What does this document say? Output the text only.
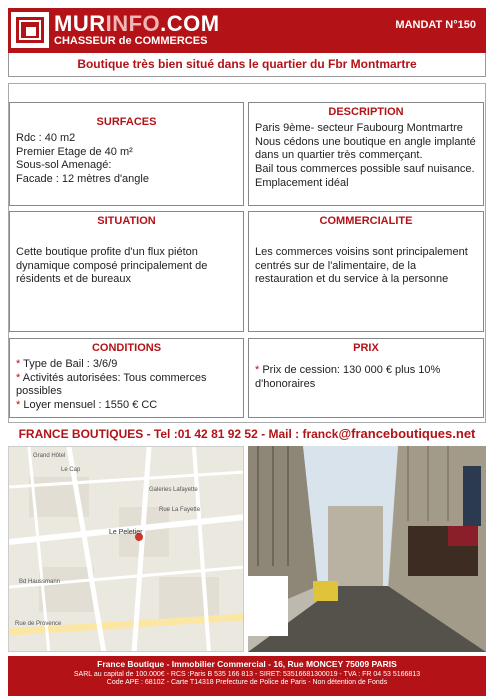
MURINFO.COM
CHASSEUR de COMMERCES
MANDAT N°150
Boutique très bien situé dans le quartier du Fbr Montmartre
SURFACES

Rdc : 40 m2

Premier Etage de 40 m²

Sous-sol Amenagé:

Facade : 12 mètres d'angle

DESCRIPTION

Paris 9ème- secteur Faubourg Montmartre Nous cédons une boutique en angle implanté dans un quartier très commerçant.

Bail tous commerces possible sauf nuisance. Emplacement idéal

SITUATION

Cette boutique profite d'un flux piéton dynamique composé principalement de résidents et de bureaux

COMMERCIALITE

Les commerces voisins sont principalement centrés sur de l'alimentaire, de la restauration et du service à la personne

CONDITIONS

* Type de Bail : 3/6/9

* Activités autorisées: Tous commerces possibles

* Loyer mensuel : 1550 € CC

PRIX

* Prix de cession: 130 000 € plus 10% d'honoraires

FRANCE BOUTIQUES - Tel :01 42 81 92 52 - Mail : franck@franceboutiques.net
Le Peletier
Grand Hôtel
Le Cap
Galeries Lafayette
Rue de Provence
Rue La Fayette
Bd Haussmann
France Boutique - Immobilier Commercial - 16, Rue MONCEY 75009 PARIS
SARL au capital de 100.000€ - RCS :Paris B 535 166 813 - SIRET: 53516681300019 - TVA : FR 04 53 5166813
Code APE : 6810Z - Carte T14318 Prefecture de Police de Paris - Non détention de Fonds
